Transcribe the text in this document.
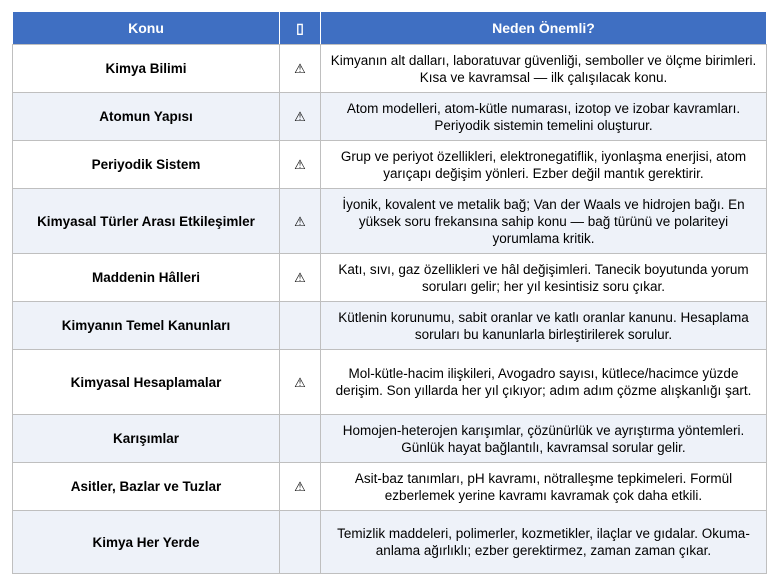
Konu	▯	Neden Önemli?
Kimya Bilimi	⚠	Kimyanın alt dalları, laboratuvar güvenliği, semboller ve ölçme birimleri. Kısa ve kavramsal — ilk çalışılacak konu.
Atomun Yapısı	⚠	Atom modelleri, atom-kütle numarası, izotop ve izobar kavramları. Periyodik sistemin temelini oluşturur.
Periyodik Sistem	⚠	Grup ve periyot özellikleri, elektronegatiflik, iyonlaşma enerjisi, atom yarıçapı değişim yönleri. Ezber değil mantık gerektirir.
Kimyasal Türler Arası Etkileşimler	⚠	İyonik, kovalent ve metalik bağ; Van der Waals ve hidrojen bağı. En yüksek soru frekansına sahip konu — bağ türünü ve polariteyi yorumlama kritik.
Maddenin Hâlleri	⚠	Katı, sıvı, gaz özellikleri ve hâl değişimleri. Tanecik boyutunda yorum soruları gelir; her yıl kesintisiz soru çıkar.
Kimyanın Temel Kanunları		Kütlenin korunumu, sabit oranlar ve katlı oranlar kanunu. Hesaplama soruları bu kanunlarla birleştirilerek sorulur.
Kimyasal Hesaplamalar	⚠	Mol-kütle-hacim ilişkileri, Avogadro sayısı, kütlece/hacimce yüzde derişim. Son yıllarda her yıl çıkıyor; adım adım çözme alışkanlığı şart.
Karışımlar		Homojen-heterojen karışımlar, çözünürlük ve ayrıştırma yöntemleri. Günlük hayat bağlantılı, kavramsal sorular gelir.
Asitler, Bazlar ve Tuzlar	⚠	Asit-baz tanımları, pH kavramı, nötralleşme tepkimeleri. Formül ezberlemek yerine kavramı kavramak çok daha etkili.
Kimya Her Yerde		Temizlik maddeleri, polimerler, kozmetikler, ilaçlar ve gıdalar. Okuma-anlama ağırlıklı; ezber gerektirmez, zaman zaman çıkar.
